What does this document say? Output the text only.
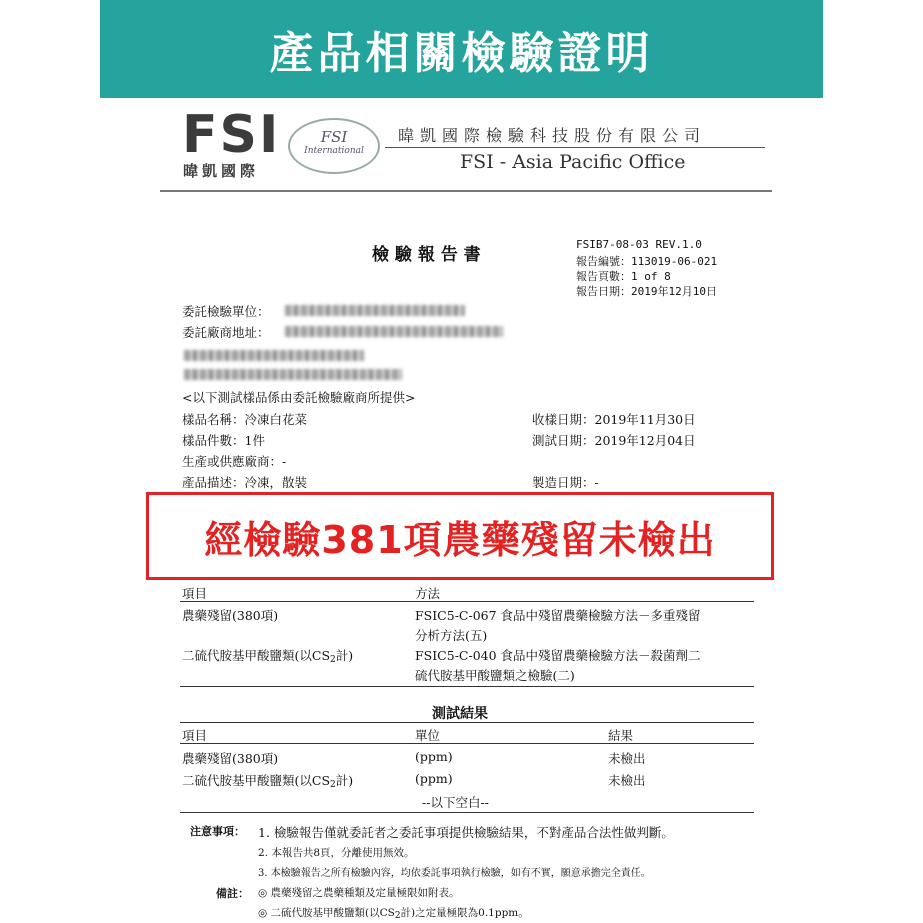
產品相關檢驗證明
FSI
暐凱國際
FSI
International
暐凱國際檢驗科技股份有限公司
FSI - Asia Pacific Office
檢 驗 報 告 書
FSIB7-08-03 REV.1.0
報告編號：113019-06-021
報告頁數：1 of 8
報告日期：2019年12月10日
委託檢驗單位：
委託廠商地址：
<以下測試樣品係由委託檢驗廠商所提供>
樣品名稱：冷凍白花菜
樣品件數：1件
生產或供應廠商：-
產品描述：冷凍，散裝
收樣日期：2019年11月30日
測試日期：2019年12月04日
製造日期：-
經檢驗381項農藥殘留未檢出
項目	方法
農藥殘留(380項)	FSIC5-C-067 食品中殘留農藥檢驗方法－多重殘留
分析方法(五)
二硫代胺基甲酸鹽類(以CS2計)	FSIC5-C-040 食品中殘留農藥檢驗方法－殺菌劑二
硫代胺基甲酸鹽類之檢驗(二)
測試結果
項目	單位	結果
農藥殘留(380項)	(ppm)	未檢出
二硫代胺基甲酸鹽類(以CS2計)	(ppm)	未檢出
--以下空白--
注意事項： 1. 檢驗報告僅就委託者之委託事項提供檢驗結果，不對產品合法性做判斷。
2. 本報告共8頁，分離使用無效。
3. 本檢驗報告之所有檢驗內容，均依委託事項執行檢驗，如有不實，願意承擔完全責任。
備註： ◎ 農藥殘留之農藥種類及定量極限如附表。
◎ 二硫代胺基甲酸鹽類(以CS2計)之定量極限為0.1ppm。
